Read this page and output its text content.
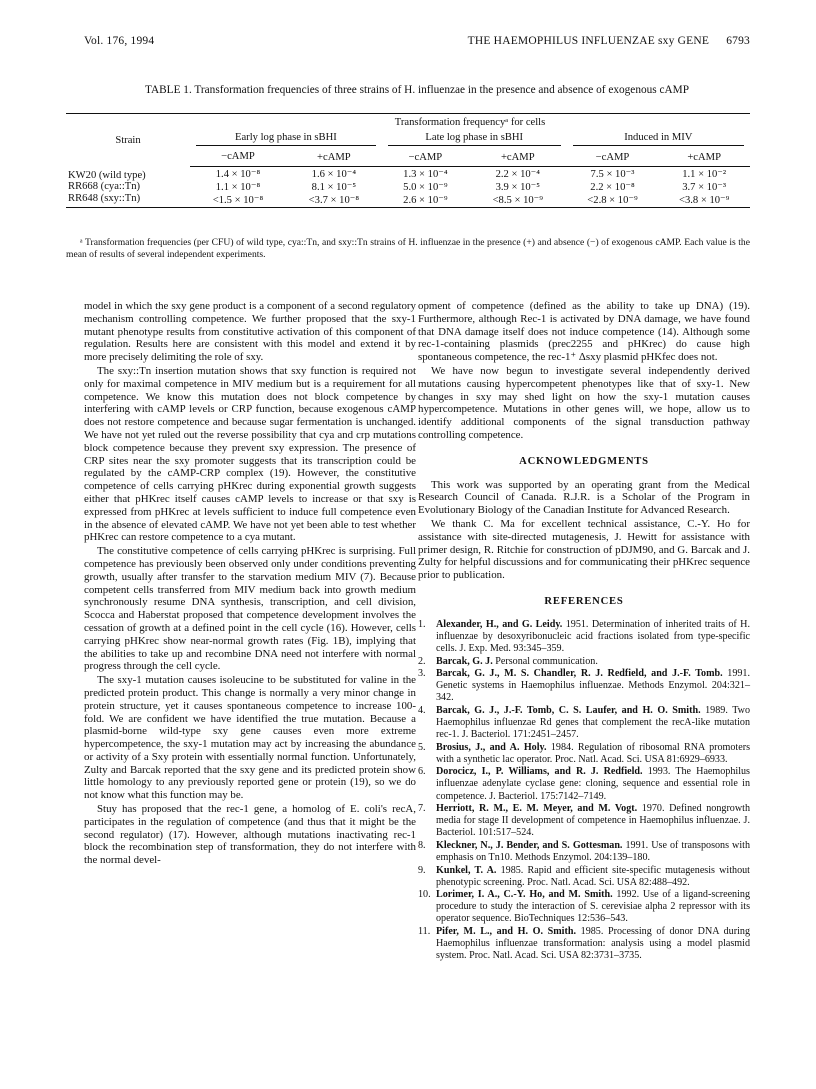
Vol. 176, 1994	THE HAEMOPHILUS INFLUENZAE sxy GENE 6793
TABLE 1. Transformation frequencies of three strains of H. influenzae in the presence and absence of exogenous cAMP
Strain	Transformation frequencyᵃ for cells					

	Early log phase in sBHI		Late log phase in sBHI		Induced in MIV	

	−cAMP	+cAMP	−cAMP	+cAMP	−cAMP	+cAMP
KW20 (wild type)	1.4 × 10⁻⁸	1.6 × 10⁻⁴	1.3 × 10⁻⁴	2.2 × 10⁻⁴	7.5 × 10⁻³	1.1 × 10⁻²
RR668 (cya::Tn)	1.1 × 10⁻⁸	8.1 × 10⁻⁵	5.0 × 10⁻⁹	3.9 × 10⁻⁵	2.2 × 10⁻⁸	3.7 × 10⁻³
RR648 (sxy::Tn)	<1.5 × 10⁻⁸	<3.7 × 10⁻⁸	2.6 × 10⁻⁹	<8.5 × 10⁻⁹	<2.8 × 10⁻⁹	<3.8 × 10⁻⁹
ᵃ Transformation frequencies (per CFU) of wild type, cya::Tn, and sxy::Tn strains of H. influenzae in the presence (+) and absence (−) of exogenous cAMP. Each value is the mean of results of several independent experiments.

model in which the sxy gene product is a component of a second regulatory mechanism controlling competence. We further proposed that the sxy-1 mutant phenotype results from constitutive activation of this component of regulation. Results here are consistent with this model and extend it by more precisely delimiting the role of sxy.

The sxy::Tn insertion mutation shows that sxy function is required not only for maximal competence in MIV medium but is a requirement for all competence. We know this mutation does not block competence by interfering with cAMP levels or CRP function, because exogenous cAMP does not restore competence and because sugar fermentation is unchanged. We have not yet ruled out the reverse possibility that cya and crp mutations block competence because they prevent sxy expression. The presence of CRP sites near the sxy promoter suggests that its transcription could be regulated by the cAMP-CRP complex (19). However, the constitutive competence of cells carrying pHKrec during exponential growth suggests either that pHKrec itself causes cAMP levels to increase or that sxy is expressed from pHKrec at levels sufficient to induce full competence even in the absence of elevated cAMP. We have not yet been able to test whether pHKrec can restore competence to a cya mutant.

The constitutive competence of cells carrying pHKrec is surprising. Full competence has previously been observed only under conditions preventing growth, usually after transfer to the starvation medium MIV (7). Because competent cells transferred from MIV medium back into growth medium synchronously resume DNA synthesis, transcription, and cell division, Scocca and Haberstat proposed that competence development involves the cessation of growth at a defined point in the cell cycle (16). However, cells carrying pHKrec show near-normal growth rates (Fig. 1B), implying that the abilities to take up and recombine DNA need not interfere with normal progress through the cell cycle.

The sxy-1 mutation causes isoleucine to be substituted for valine in the predicted protein product. This change is normally a very minor change in protein structure, yet it causes spontaneous competence to increase 100-fold. We are confident we have identified the true mutation. Because a plasmid-borne wild-type sxy gene causes even more extreme hypercompetence, the sxy-1 mutation may act by increasing the abundance or activity of a Sxy protein with essentially normal function. Unfortunately, Zulty and Barcak reported that the sxy gene and its predicted protein show little homology to any previously reported gene or protein (19), so we do not know what this function may be.

Stuy has proposed that the rec-1 gene, a homolog of E. coli's recA, participates in the regulation of competence (and thus that it might be the second regulator) (17). However, although mutations inactivating rec-1 block the recombination step of transformation, they do not interfere with the normal devel-

opment of competence (defined as the ability to take up DNA) (19). Furthermore, although Rec-1 is activated by DNA damage, we have found that DNA damage itself does not induce competence (14). Although some rec-1-containing plasmids (prec2255 and pHKrec) do cause high spontaneous competence, the rec-1⁺ Δsxy plasmid pHKfec does not.

We have now begun to investigate several independently derived mutations causing hypercompetent phenotypes like that of sxy-1. New changes in sxy may shed light on how the sxy-1 mutation causes hypercompetence. Mutations in other genes will, we hope, allow us to identify additional components of the signal transduction pathway controlling competence.

ACKNOWLEDGMENTS

This work was supported by an operating grant from the Medical Research Council of Canada. R.J.R. is a Scholar of the Program in Evolutionary Biology of the Canadian Institute for Advanced Research.

We thank C. Ma for excellent technical assistance, C.-Y. Ho for assistance with site-directed mutagenesis, J. Hewitt for assistance with primer design, R. Ritchie for construction of pDJM90, and G. Barcak and J. Zulty for helpful discussions and for communicating their pHKrec sequence prior to publication.

REFERENCES
1. Alexander, H., and G. Leidy. 1951. Determination of inherited traits of H. influenzae by desoxyribonucleic acid fractions isolated from type-specific cells. J. Exp. Med. 93:345–359.
2. Barcak, G. J. Personal communication.
3. Barcak, G. J., M. S. Chandler, R. J. Redfield, and J.-F. Tomb. 1991. Genetic systems in Haemophilus influenzae. Methods Enzymol. 204:321–342.
4. Barcak, G. J., J.-F. Tomb, C. S. Laufer, and H. O. Smith. 1989. Two Haemophilus influenzae Rd genes that complement the recA-like mutation rec-1. J. Bacteriol. 171:2451–2457.
5. Brosius, J., and A. Holy. 1984. Regulation of ribosomal RNA promoters with a synthetic lac operator. Proc. Natl. Acad. Sci. USA 81:6929–6933.
6. Dorocicz, I., P. Williams, and R. J. Redfield. 1993. The Haemophilus influenzae adenylate cyclase gene: cloning, sequence and essential role in competence. J. Bacteriol. 175:7142–7149.
7. Herriott, R. M., E. M. Meyer, and M. Vogt. 1970. Defined nongrowth media for stage II development of competence in Haemophilus influenzae. J. Bacteriol. 101:517–524.
8. Kleckner, N., J. Bender, and S. Gottesman. 1991. Use of transposons with emphasis on Tn10. Methods Enzymol. 204:139–180.
9. Kunkel, T. A. 1985. Rapid and efficient site-specific mutagenesis without phenotypic screening. Proc. Natl. Acad. Sci. USA 82:488–492.
10. Lorimer, I. A., C.-Y. Ho, and M. Smith. 1992. Use of a ligand-screening procedure to study the interaction of S. cerevisiae alpha 2 repressor with its operator sequence. BioTechniques 12:536–543.
11. Pifer, M. L., and H. O. Smith. 1985. Processing of donor DNA during Haemophilus influenzae transformation: analysis using a model plasmid system. Proc. Natl. Acad. Sci. USA 82:3731–3735.
